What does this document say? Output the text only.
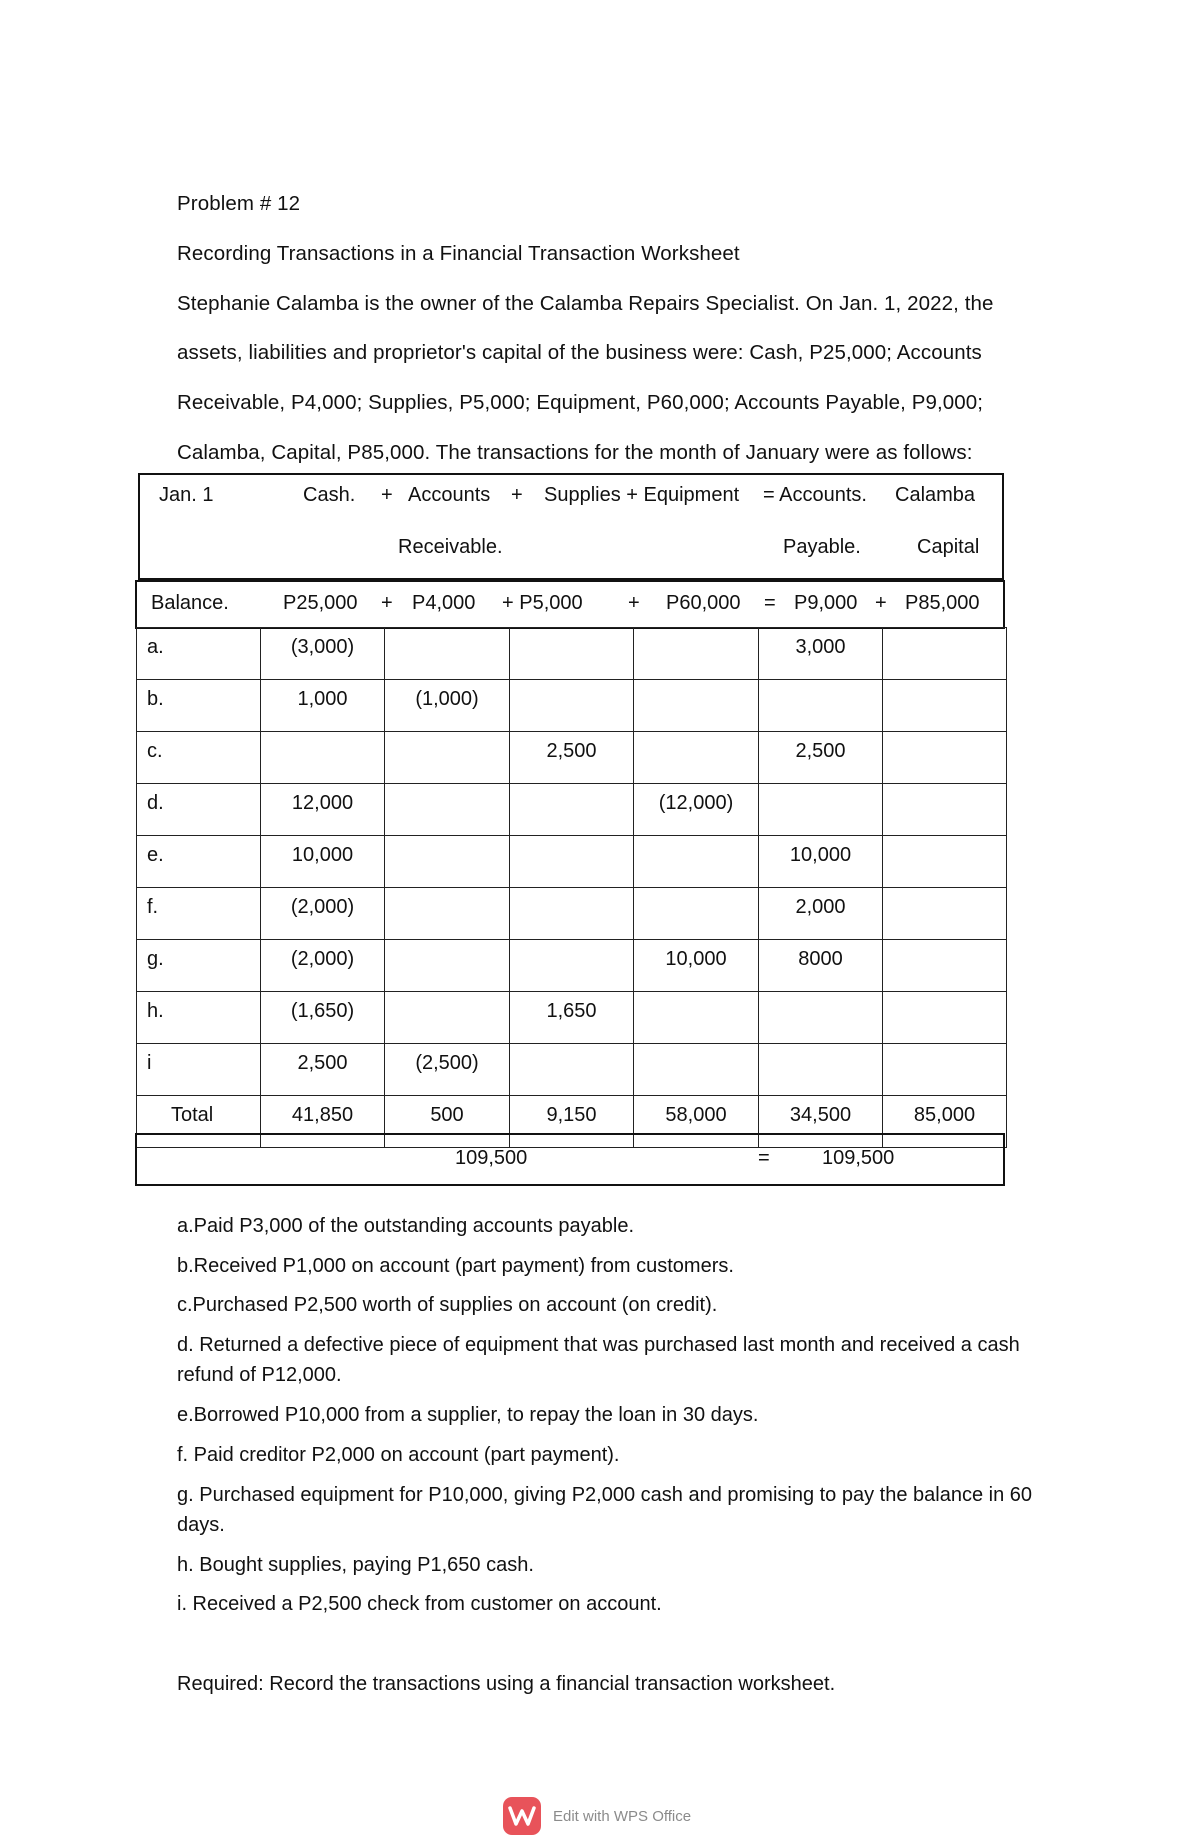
Problem # 12
Recording Transactions in a Financial Transaction Worksheet
Stephanie Calamba is the owner of the Calamba Repairs Specialist. On Jan. 1, 2022, the
assets, liabilities and proprietor's capital of the business were: Cash, P25,000; Accounts
Receivable, P4,000; Supplies, P5,000; Equipment, P60,000; Accounts Payable, P9,000;
Calamba, Capital, P85,000. The transactions for the month of January were as follows:
Jan. 1	Cash. + Accounts + Supplies + Equipment = Accounts. Calamba
Receivable.	Payable.	Capital
Balance.	P25,000 + P4,000 + P5,000 + P60,000 = P9,000 + P85,000
a.	(3,000)				3,000	

b.	1,000	(1,000)				

c.			2,500		2,500	

d.	12,000			(12,000)		

e.	10,000				10,000	

f.	(2,000)				2,000	

g.	(2,000)			10,000	8000	

h.	(1,650)		1,650			

i	2,500	(2,500)				

Total	41,850	500	9,150	58,000	34,500	85,000
109,500	=	109,500
a.Paid P3,000 of the outstanding accounts payable.
b.Received P1,000 on account (part payment) from customers.
c.Purchased P2,500 worth of supplies on account (on credit).
d. Returned a defective piece of equipment that was purchased last month and received a cash refund of P12,000.
e.Borrowed P10,000 from a supplier, to repay the loan in 30 days.
f. Paid creditor P2,000 on account (part payment).
g. Purchased equipment for P10,000, giving P2,000 cash and promising to pay the balance in 60 days.
h. Bought supplies, paying P1,650 cash.
i. Received a P2,500 check from customer on account.
Required: Record the transactions using a financial transaction worksheet.
Edit with WPS Office
